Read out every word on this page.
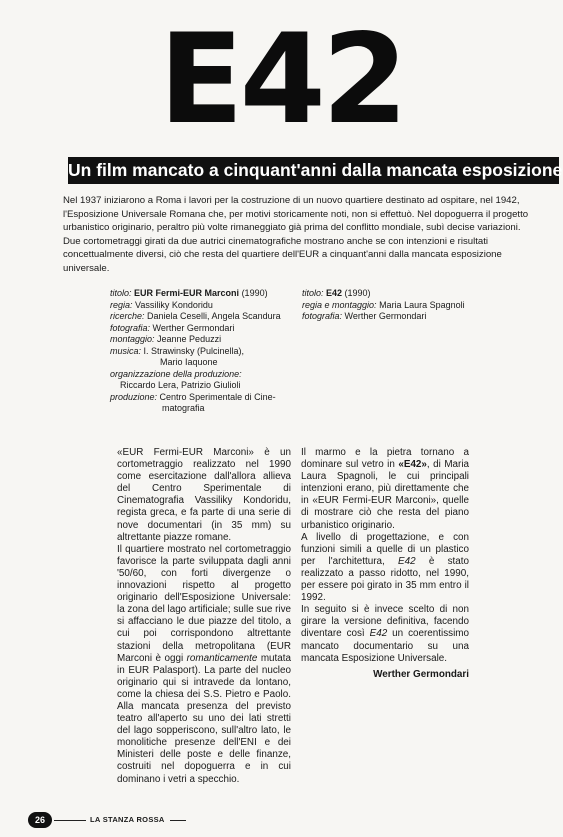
E42
Un film mancato a cinquant'anni dalla mancata esposizione

Nel 1937 iniziarono a Roma i lavori per la costruzione di un nuovo quartiere destinato ad ospitare, nel 1942, l'Esposizione Universale Romana che, per motivi storicamente noti, non si effettuò. Nel dopoguerra il progetto urbanistico originario, peraltro più volte rimaneggiato già prima del conflitto mondiale, subì decise variazioni.

Due cortometraggi girati da due autrici cinematografiche mostrano anche se con intenzioni e risultati concettualmente diversi, ciò che resta del quartiere dell'EUR a cinquant'anni dalla mancata esposizione universale.

titolo: EUR Fermi-EUR Marconi (1990)
regia: Vassiliky Kondoridu
ricerche: Daniela Ceselli, Angela Scandura
fotografia: Werther Germondari
montaggio: Jeanne Peduzzi
musica: I. Strawinsky (Pulcinella),
Mario Iaquone
organizzazione della produzione:
Riccardo Lera, Patrizio Giulioli
produzione: Centro Sperimentale di Cine-
matografia
titolo: E42 (1990)
regia e montaggio: Maria Laura Spagnoli
fotografia: Werther Germondari

«EUR Fermi-EUR Marconi» è un cortometraggio realizzato nel 1990 come esercitazione dall'allora allieva del Centro Sperimentale di Cinematografia Vassiliky Kondoridu, regista greca, e fa parte di una serie di nove documentari (in 35 mm) su altrettante piazze romane.

Il quartiere mostrato nel cortometraggio favorisce la parte sviluppata dagli anni '50/60, con forti divergenze o innovazioni rispetto al progetto originario dell'Esposizione Universale: la zona del lago artificiale; sulle sue rive si affacciano le due piazze del titolo, a cui poi corrispondono altrettante stazioni della metropolitana (EUR Marconi è oggi romanticamente mutata in EUR Palasport). La parte del nucleo originario qui si intravede da lontano, come la chiesa dei S.S. Pietro e Paolo. Alla mancata presenza del previsto teatro all'aperto su uno dei lati stretti del lago sopperiscono, sull'altro lato, le monolitiche presenze dell'ENI e dei Ministeri delle poste e delle finanze, costruiti nel dopoguerra e in cui dominano i vetri a specchio.

Il marmo e la pietra tornano a dominare sul vetro in «E42», di Maria Laura Spagnoli, le cui principali intenzioni erano, più direttamente che in «EUR Fermi-EUR Marconi», quelle di mostrare ciò che resta del piano urbanistico originario.

A livello di progettazione, e con funzioni simili a quelle di un plastico per l'architettura, E42 è stato realizzato a passo ridotto, nel 1990, per essere poi girato in 35 mm entro il 1992.

In seguito si è invece scelto di non girare la versione definitiva, facendo diventare così E42 un coerentissimo mancato documentario su una mancata Esposizione Universale.

Werther Germondari

26	LA STANZA ROSSA
